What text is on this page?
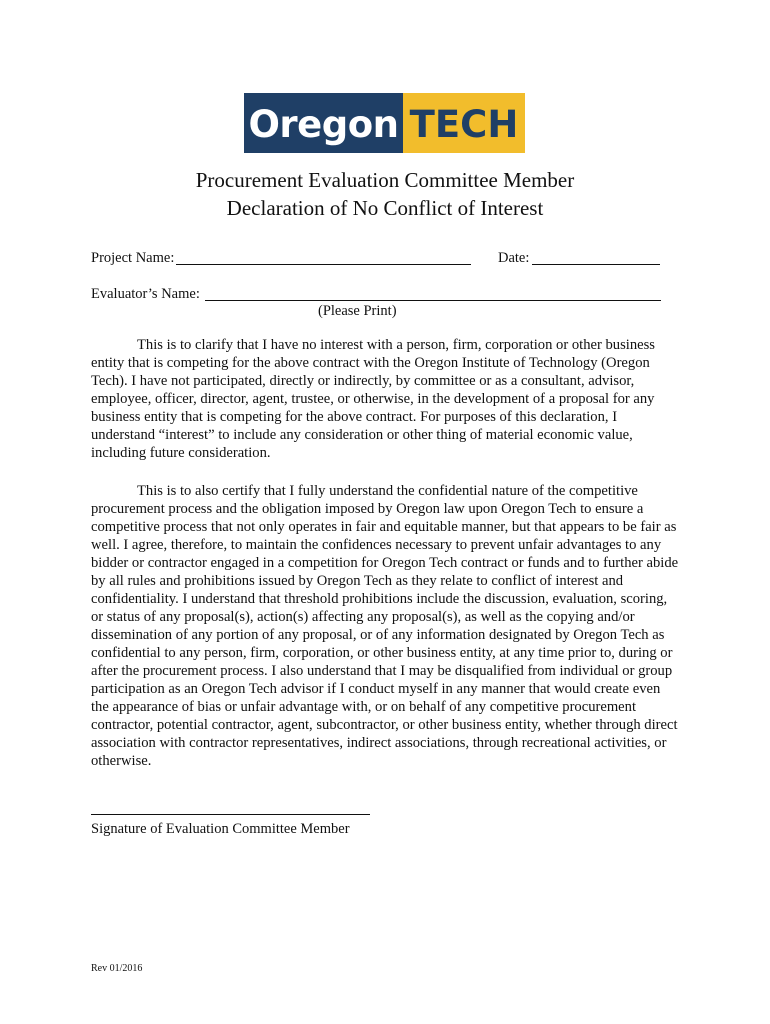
Oregon TECH
Procurement Evaluation Committee Member
Declaration of No Conflict of Interest
Project Name:	Date:
Evaluator’s Name:
(Please Print)

This is to clarify that I have no interest with a person, firm, corporation or other business entity that is competing for the above contract with the Oregon Institute of Technology (Oregon Tech). I have not participated, directly or indirectly, by committee or as a consultant, advisor, employee, officer, director, agent, trustee, or otherwise, in the development of a proposal for any business entity that is competing for the above contract. For purposes of this declaration, I understand “interest” to include any consideration or other thing of material economic value, including future consideration.

This is to also certify that I fully understand the confidential nature of the competitive procurement process and the obligation imposed by Oregon law upon Oregon Tech to ensure a competitive process that not only operates in fair and equitable manner, but that appears to be fair as well. I agree, therefore, to maintain the confidences necessary to prevent unfair advantages to any bidder or contractor engaged in a competition for Oregon Tech contract or funds and to further abide by all rules and prohibitions issued by Oregon Tech as they relate to conflict of interest and confidentiality. I understand that threshold prohibitions include the discussion, evaluation, scoring, or status of any proposal(s), action(s) affecting any proposal(s), as well as the copying and/or dissemination of any portion of any proposal, or of any information designated by Oregon Tech as confidential to any person, firm, corporation, or other business entity, at any time prior to, during or after the procurement process. I also understand that I may be disqualified from individual or group participation as an Oregon Tech advisor if I conduct myself in any manner that would create even the appearance of bias or unfair advantage with, or on behalf of any competitive procurement contractor, potential contractor, agent, subcontractor, or other business entity, whether through direct association with contractor representatives, indirect associations, through recreational activities, or otherwise.

Signature of Evaluation Committee Member
Rev 01/2016
